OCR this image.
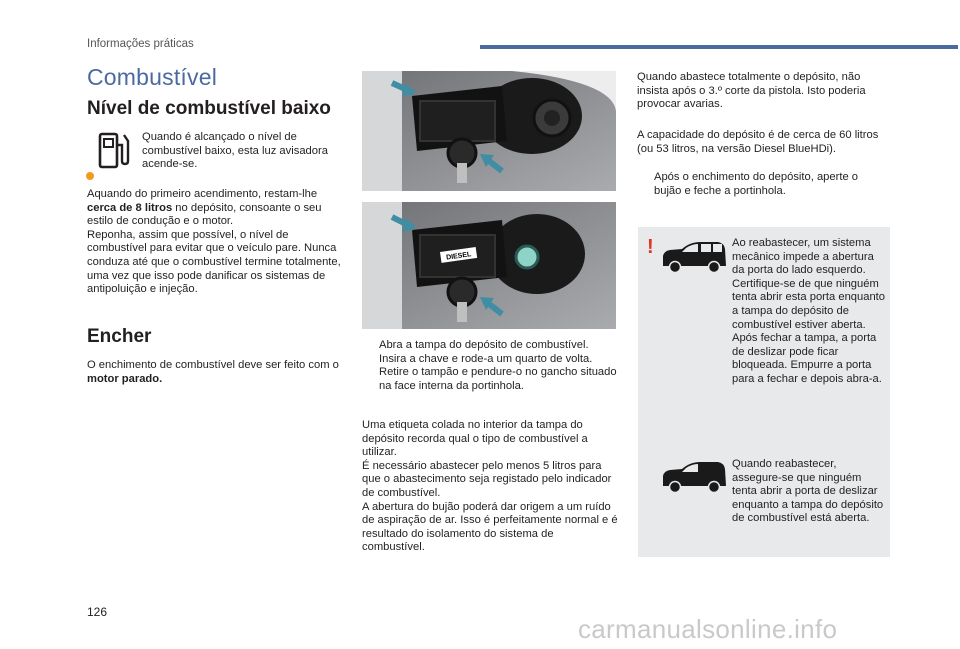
Informações práticas
Combustível
Nível de combustível baixo
Quando é alcançado o nível de combustível baixo, esta luz avisadora acende-se.
Aquando do primeiro acendimento, restam-lhe cerca de 8 litros no depósito, consoante o seu estilo de condução e o motor.
Reponha, assim que possível, o nível de combustível para evitar que o veículo pare. Nunca conduza até que o combustível termine totalmente, uma vez que isso pode danificar os sistemas de antipoluição e injeção.
Encher
O enchimento de combustível deve ser feito com o motor parado.
DIESEL
Abra a tampa do depósito de combustível.
Insira a chave e rode-a um quarto de volta.
Retire o tampão e pendure-o no gancho situado na face interna da portinhola.
Uma etiqueta colada no interior da tampa do depósito recorda qual o tipo de combustível a utilizar.
É necessário abastecer pelo menos 5 litros para que o abastecimento seja registado pelo indicador de combustível.
A abertura do bujão poderá dar origem a um ruído de aspiração de ar. Isso é perfeitamente normal e é resultado do isolamento do sistema de combustível.
Quando abastece totalmente o depósito, não insista após o 3.º corte da pistola. Isto poderia provocar avarias.
A capacidade do depósito é de cerca de 60 litros (ou 53 litros, na versão Diesel BlueHDi).
Após o enchimento do depósito, aperte o bujão e feche a portinhola.
!	Ao reabastecer, um sistema mecânico impede a abertura da porta do lado esquerdo. Certifique-se de que ninguém tenta abrir esta porta enquanto a tampa do depósito de combustível estiver aberta.
Após fechar a tampa, a porta de deslizar pode ficar bloqueada. Empurre a porta para a fechar e depois abra-a.
Quando reabastecer, assegure-se que ninguém tenta abrir a porta de deslizar enquanto a tampa do depósito de combustível está aberta.
126
carmanualsonline.info
